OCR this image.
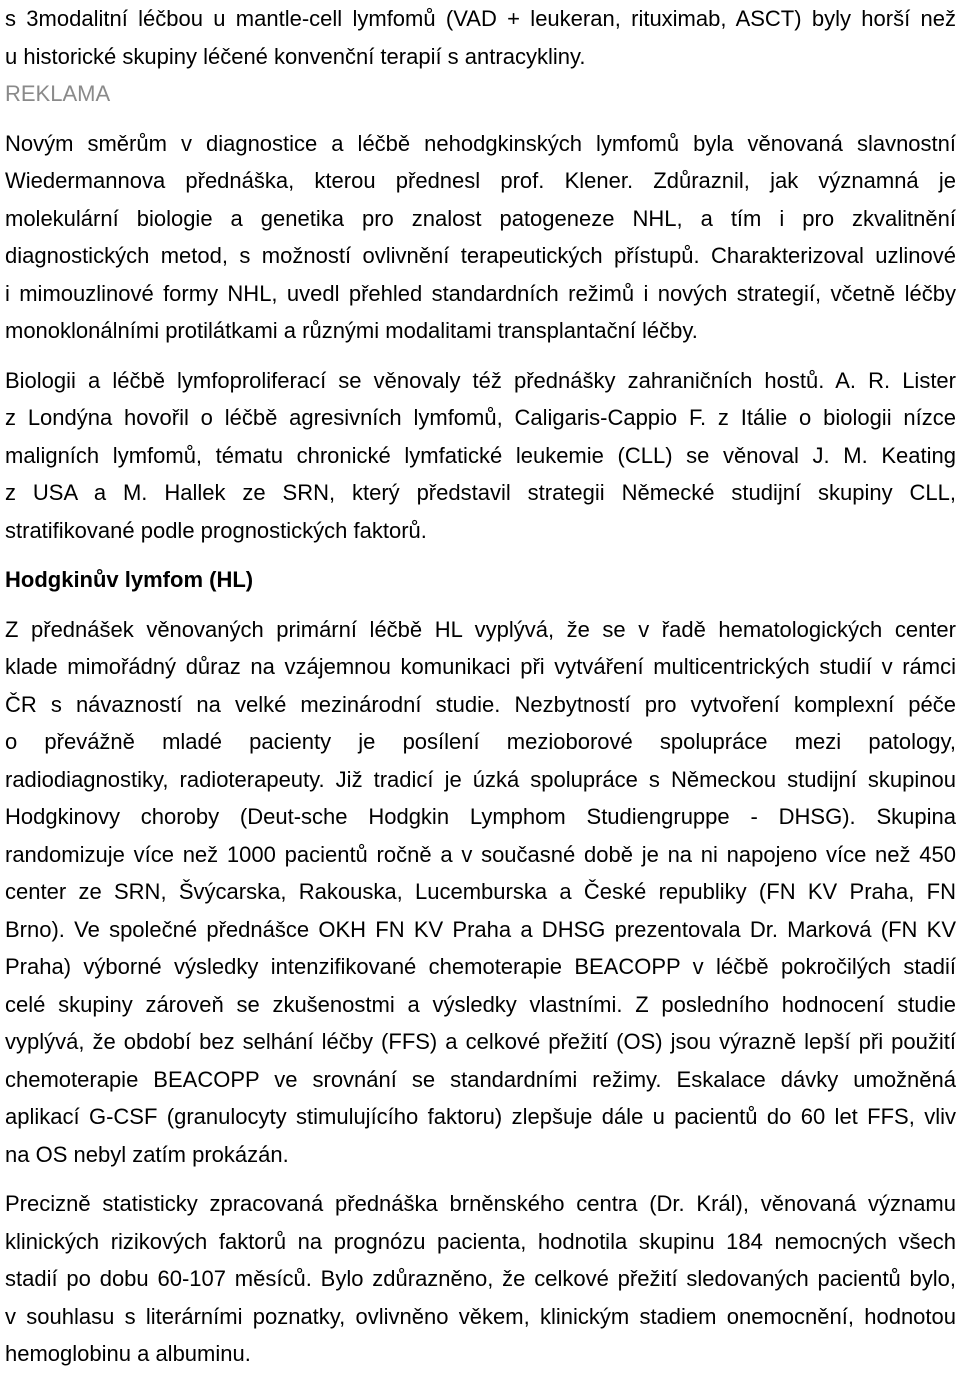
s 3modalitní léčbou u mantle-cell lymfomů (VAD + leukeran, rituximab, ASCT) byly horší než
u historické skupiny léčené konvenční terapií s antracykliny.

REKLAMA

Novým směrům v diagnostice a léčbě nehodgkinských lymfomů byla věnovaná slavnostní
Wiedermannova přednáška, kterou přednesl prof. Klener. Zdůraznil, jak významná je
molekulární biologie a genetika pro znalost patogeneze NHL, a tím i pro zkvalitnění
diagnostických metod, s možností ovlivnění terapeutických přístupů. Charakterizoval uzlinové
i mimouzlinové formy NHL, uvedl přehled standardních režimů i nových strategií, včetně léčby
monoklonálními protilátkami a různými modalitami transplantační léčby.

Biologii a léčbě lymfoproliferací se věnovaly též přednášky zahraničních hostů. A. R. Lister
z Londýna hovořil o léčbě agresivních lymfomů, Caligaris-Cappio F. z Itálie o biologii nízce
maligních lymfomů, tématu chronické lymfatické leukemie (CLL) se věnoval J. M. Keating
z USA a M. Hallek ze SRN, který představil strategii Německé studijní skupiny CLL,
stratifikované podle prognostických faktorů.

Hodgkinův lymfom (HL)

Z přednášek věnovaných primární léčbě HL vyplývá, že se v řadě hematologických center
klade mimořádný důraz na vzájemnou komunikaci při vytváření multicentrických studií v rámci
ČR s návazností na velké mezinárodní studie. Nezbytností pro vytvoření komplexní péče
o převážně mladé pacienty je posílení mezioborové spolupráce mezi patology,
radiodiagnostiky, radioterapeuty. Již tradicí je úzká spolupráce s Německou studijní skupinou
Hodgkinovy choroby (Deut-sche Hodgkin Lymphom Studiengruppe - DHSG). Skupina
randomizuje více než 1000 pacientů ročně a v současné době je na ni napojeno více než 450
center ze SRN, Švýcarska, Rakouska, Lucemburska a České republiky (FN KV Praha, FN
Brno). Ve společné přednášce OKH FN KV Praha a DHSG prezentovala Dr. Marková (FN KV
Praha) výborné výsledky intenzifikované chemoterapie BEACOPP v léčbě pokročilých stadií
celé skupiny zároveň se zkušenostmi a výsledky vlastními. Z posledního hodnocení studie
vyplývá, že období bez selhání léčby (FFS) a celkové přežití (OS) jsou výrazně lepší při použití
chemoterapie BEACOPP ve srovnání se standardními režimy. Eskalace dávky umožněná
aplikací G-CSF (granulocyty stimulujícího faktoru) zlepšuje dále u pacientů do 60 let FFS, vliv
na OS nebyl zatím prokázán.

Precizně statisticky zpracovaná přednáška brněnského centra (Dr. Král), věnovaná významu
klinických rizikových faktorů na prognózu pacienta, hodnotila skupinu 184 nemocných všech
stadií po dobu 60-107 měsíců. Bylo zdůrazněno, že celkové přežití sledovaných pacientů bylo,
v souhlasu s literárními poznatky, ovlivněno věkem, klinickým stadiem onemocnění, hodnotou
hemoglobinu a albuminu.
